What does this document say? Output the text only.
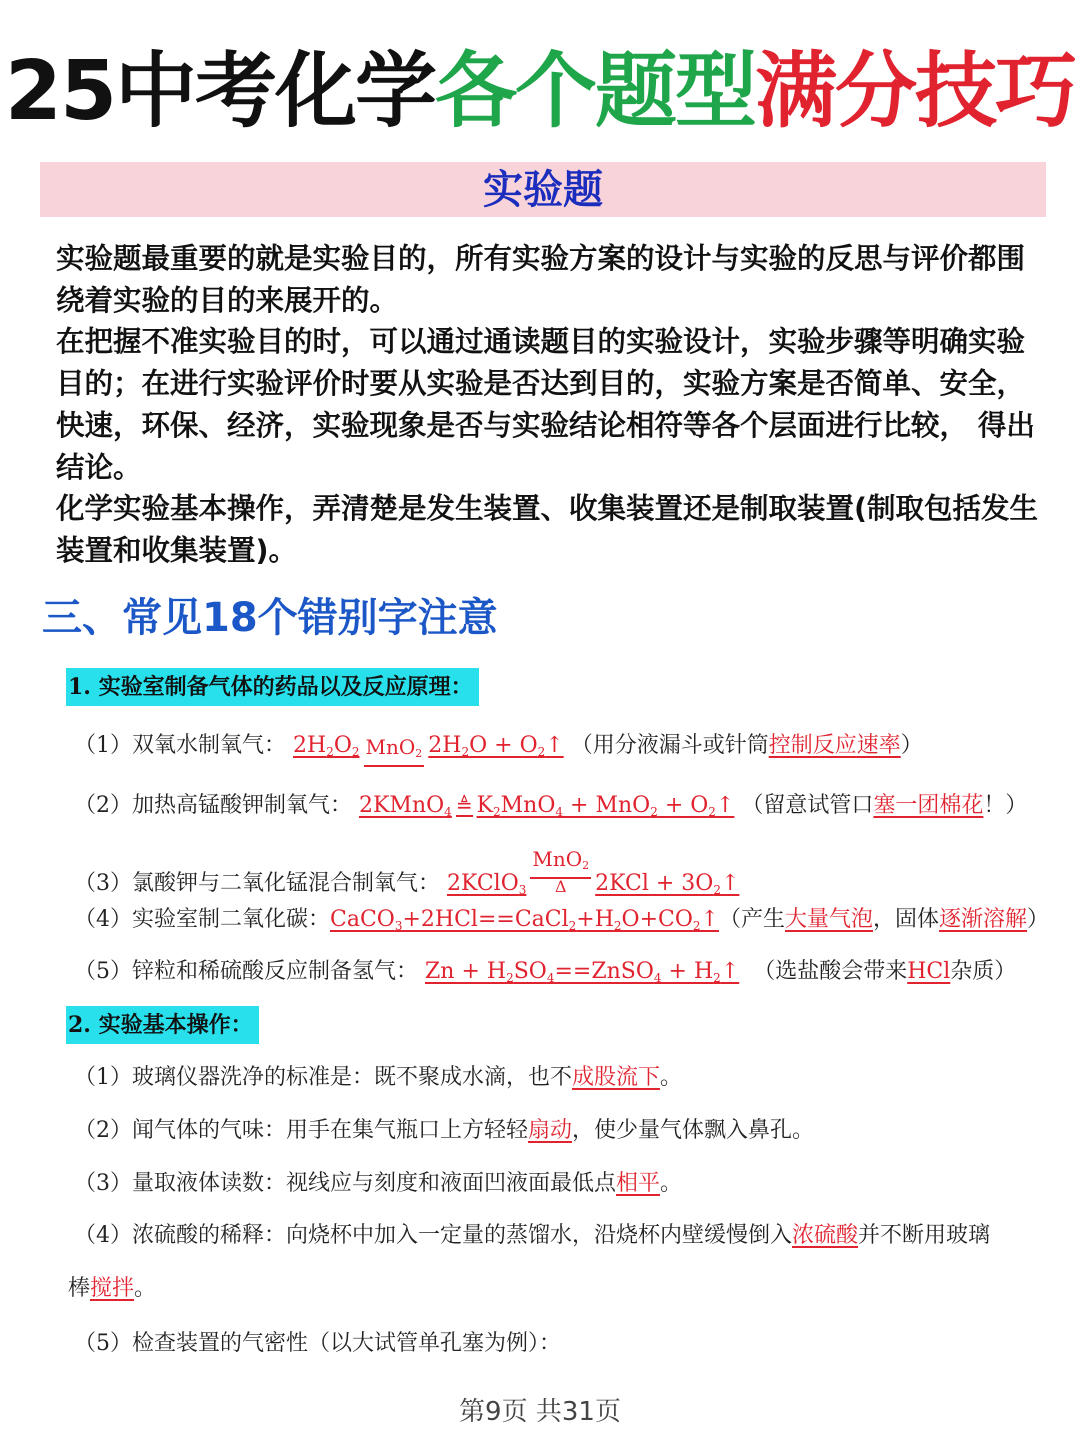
25中考化学各个题型满分技巧
实验题

实验题最重要的就是实验目的，所有实验方案的设计与实验的反思与评价都围绕着实验的目的来展开的。

在把握不准实验目的时，可以通过通读题目的实验设计，实验步骤等明确实验目的；在进行实验评价时要从实验是否达到目的，实验方案是否简单、安全，快速，环保、经济，实验现象是否与实验结论相符等各个层面进行比较， 得出结论。

化学实验基本操作，弄清楚是发生装置、收集装置还是制取装置(制取包括发生装置和收集装置)。

三、常见18个错别字注意
1. 实验室制备气体的药品以及反应原理：
（1）双氧水制氧气： $2H_2O_2$ MnO$_2$ $2H_2O$ + $O_2↑$ （用分液漏斗或针筒控制反应速率）
（2）加热高锰酸钾制氧气： 2KMnO$_4$ ≜ $K_2MnO_4 + MnO_2$ + $O_2↑$ （留意试管口塞一团棉花！）
（3）氯酸钾与二氧化锰混合制氧气： 2KClO$_3$
MnO$_2$
Δ	$2KCl + 3O_2↑$
（4）实验室制二氧化碳：$CaCO_3+2HCl==CaCl_2+H_2O+CO_2↑$（产生大量气泡，固体逐渐溶解）
（5）锌粒和稀硫酸反应制备氢气： $Zn + H_2SO_4==ZnSO_4$ + $H_2↑$ （选盐酸会带来HCl杂质）
2. 实验基本操作：
（1）玻璃仪器洗净的标准是：既不聚成水滴，也不成股流下。
（2）闻气体的气味：用手在集气瓶口上方轻轻扇动，使少量气体飘入鼻孔。
（3）量取液体读数：视线应与刻度和液面凹液面最低点相平。
（4）浓硫酸的稀释：向烧杯中加入一定量的蒸馏水，沿烧杯内壁缓慢倒入浓硫酸并不断用玻璃棒搅拌。
（5）检查装置的气密性（以大试管单孔塞为例）：
第9页 共31页
